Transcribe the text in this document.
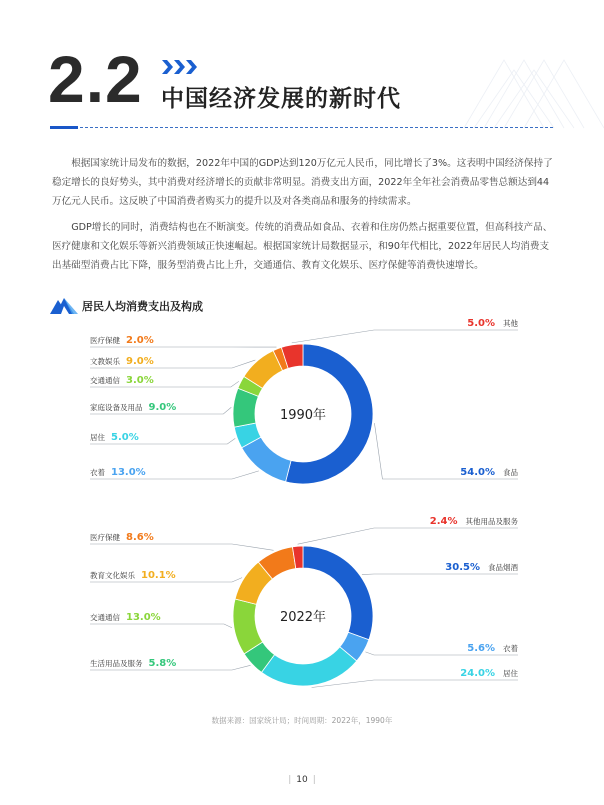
2.2 中国经济发展的新时代

根据国家统计局发布的数据，2022年中国的GDP达到120万亿元人民币，同比增长了3%。这表明中国经济保持了稳定增长的良好势头，其中消费对经济增长的贡献非常明显。消费支出方面，2022年全年社会消费品零售总额达到44万亿元人民币。这反映了中国消费者购买力的提升以及对各类商品和服务的持续需求。

GDP增长的同时，消费结构也在不断演变。传统的消费品如食品、衣着和住房仍然占据重要位置，但高科技产品、医疗健康和文化娱乐等新兴消费领域正快速崛起。根据国家统计局数据显示，和90年代相比，2022年居民人均消费支出基础型消费占比下降，服务型消费占比上升，交通通信、教育文化娱乐、医疗保健等消费快速增长。

居民人均消费支出及构成
食品
54.0%
衣着 13.0%
居住 5.0%
家庭设备及用品 9.0%
交通通信 3.0%
文教娱乐 9.0%
医疗保健 2.0%
其他
5.0%
1990年
食品烟酒
30.5%
衣着
5.6%
居住
24.0%
生活用品及服务 5.8%
交通通信 13.0%
教育文化娱乐 10.1%
医疗保健 8.6%
其他用品及服务
2.4%
2022年
数据来源：国家统计局；时间周期：2022年，1990年
| 10 |
